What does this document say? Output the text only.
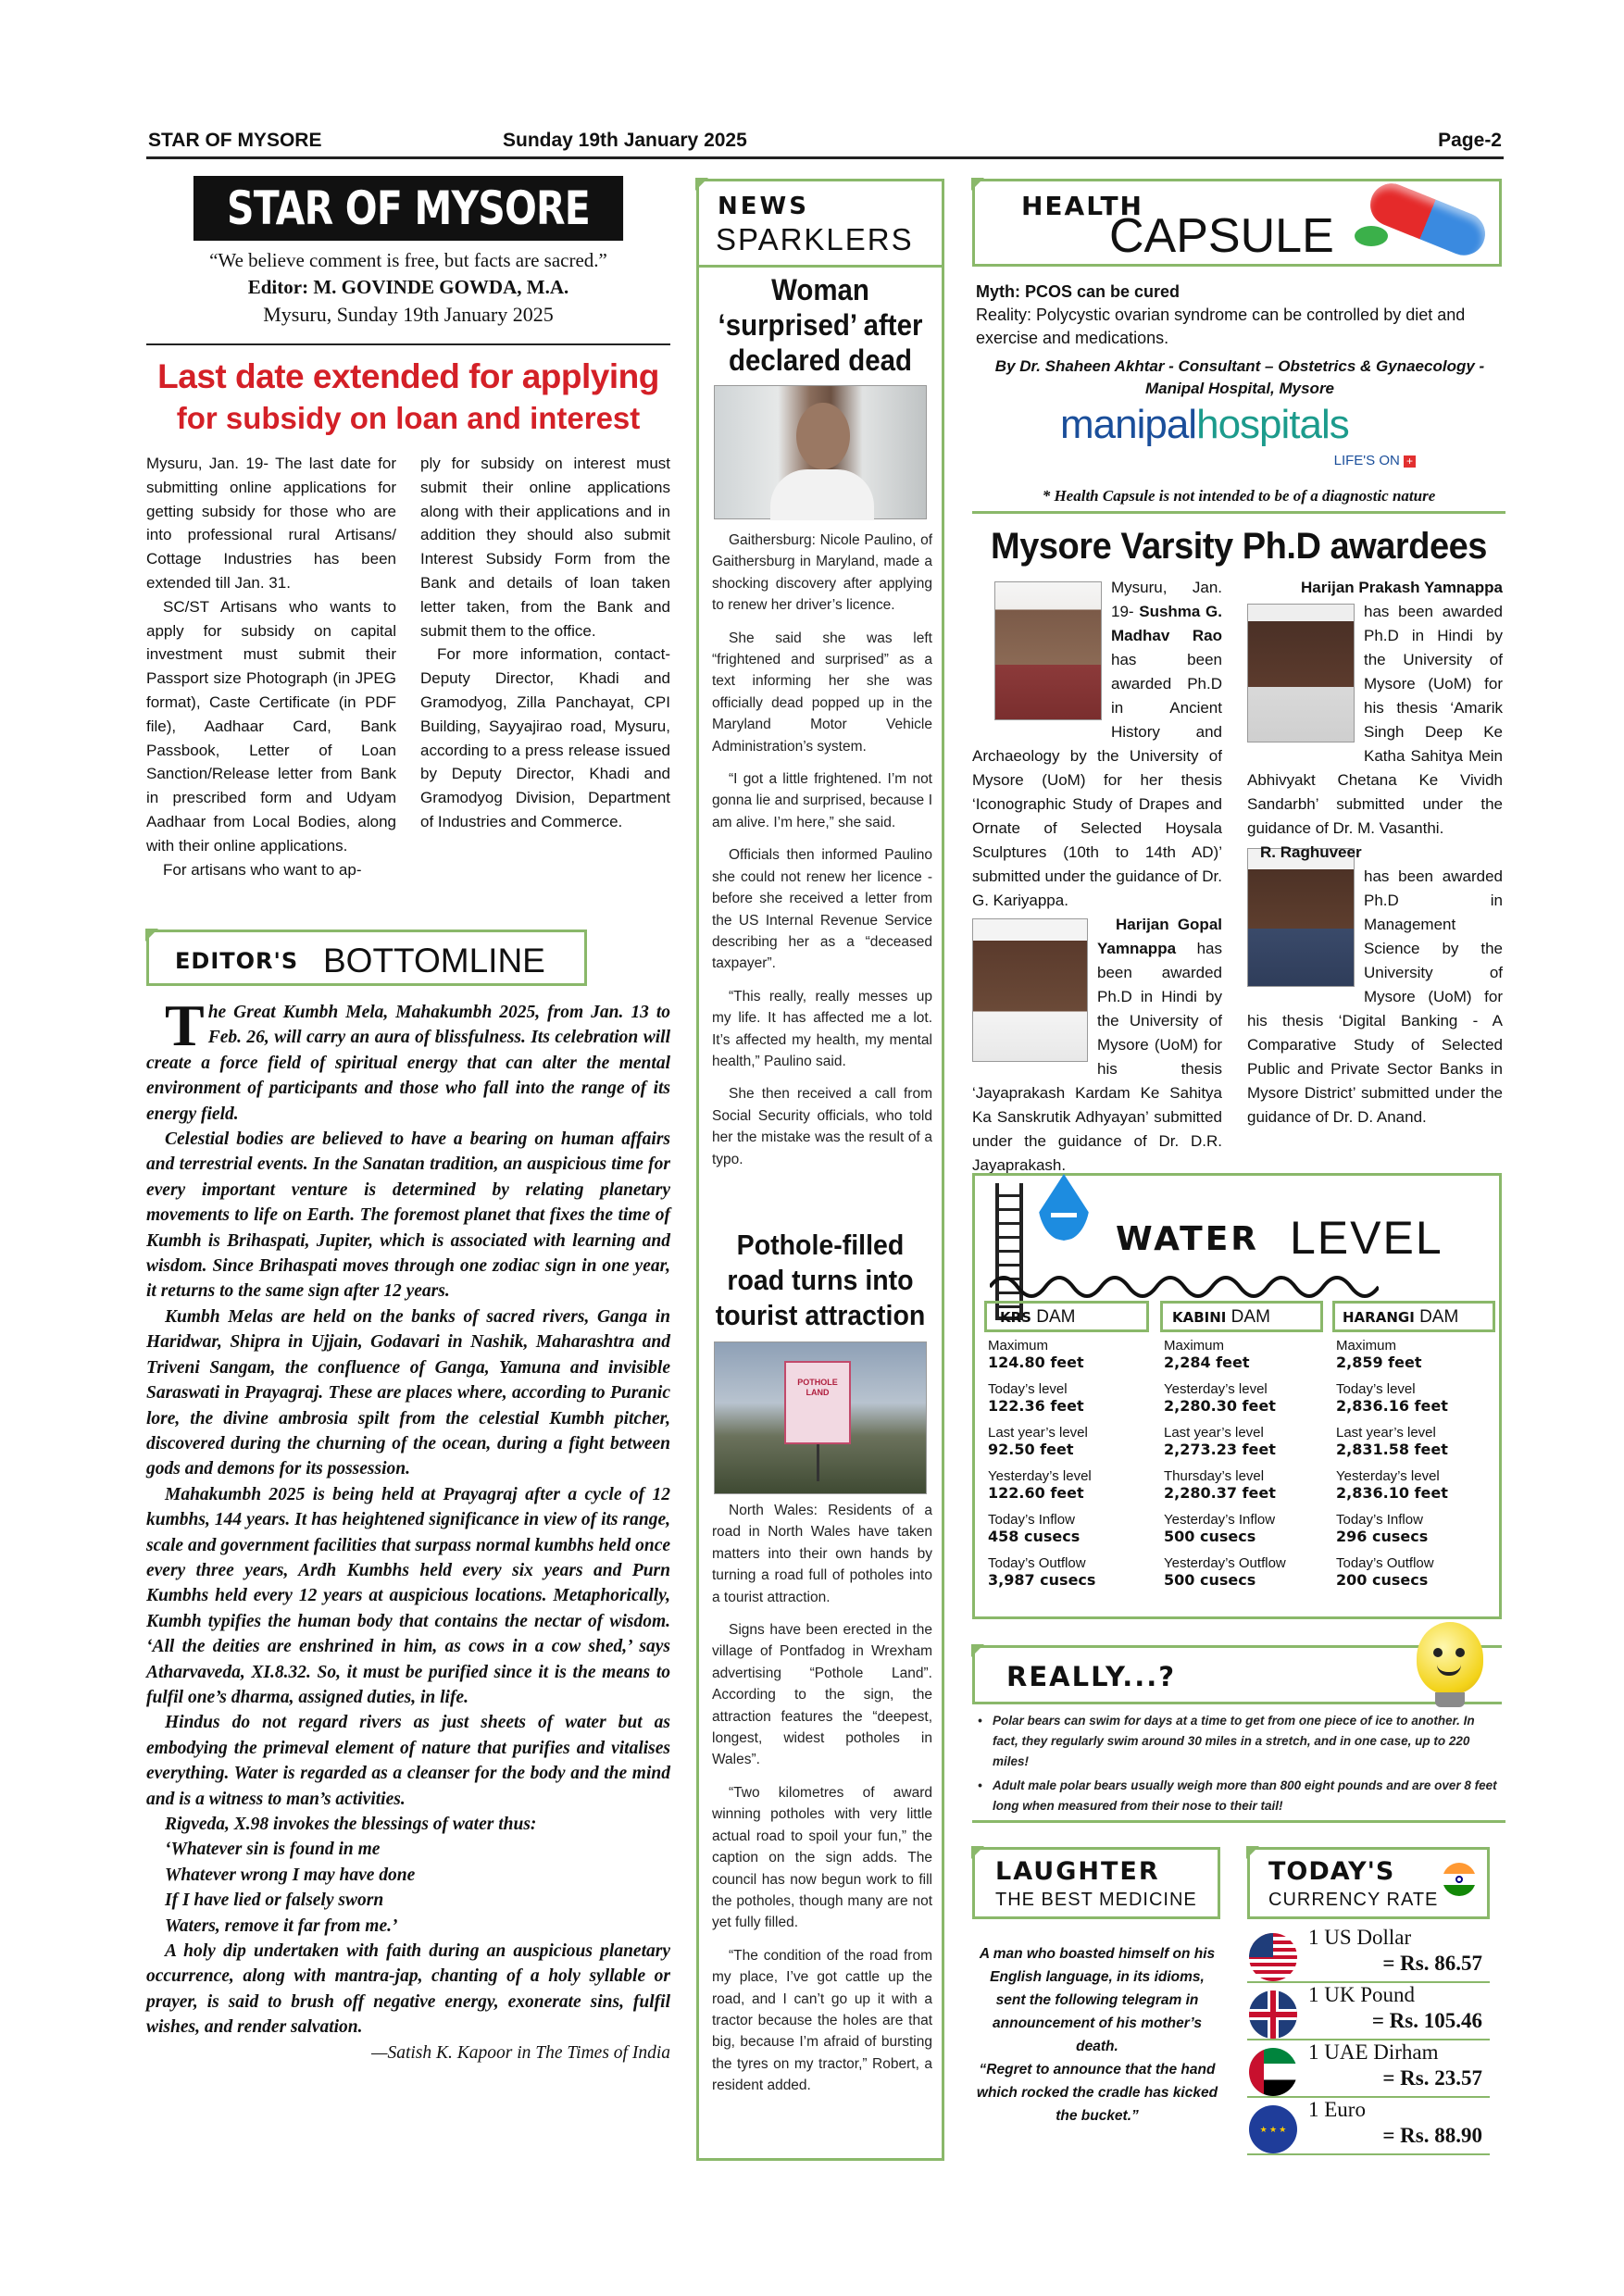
STAR OF MYSORE	Sunday 19th January 2025	Page-2
STAR OF MYSORE
“We believe comment is free, but facts are sacred.”
Editor: M. GOVINDE GOWDA, M.A.
Mysuru, Sunday 19th January 2025
Last date extended for applying
for subsidy on loan and interest

Mysuru, Jan. 19- The last date for submitting online applications for getting subsidy for those who are into professional rural Artisans/ Cottage Industries has been extended till Jan. 31.

SC/ST Artisans who wants to apply for subsidy on capital investment must submit their Passport size Photograph (in JPEG format), Caste Certificate (in PDF file), Aadhaar Card, Bank Passbook, Letter of Loan Sanction/Release letter from Bank in prescribed form and Udyam Aadhaar from Local Bodies, along with their online applications.

For artisans who want to ap-

ply for subsidy on interest must submit their online applications along with their applications and in addition they should also submit Interest Subsidy Form from the Bank and details of loan taken letter taken, from the Bank and submit them to the office.

For more information, contact-Deputy Director, Khadi and Gramodyog, Zilla Panchayat, CPI Building, Sayyajirao road, Mysuru, according to a press release issued by Deputy Director, Khadi and Gramodyog Division, Department of Industries and Commerce.

EDITOR'S BOTTOMLINE

The Great Kumbh Mela, Mahakumbh 2025, from Jan. 13 to Feb. 26, will carry an aura of blissfulness. Its celebration will create a force field of spiritual energy that can alter the mental environment of participants and those who fall into the range of its energy field.

Celestial bodies are believed to have a bearing on human affairs and terrestrial events. In the Sanatan tradition, an auspicious time for every important venture is determined by relating planetary movements to life on Earth. The foremost planet that fixes the time of Kumbh is Brihaspati, Jupiter, which is associated with learning and wisdom. Since Brihaspati moves through one zodiac sign in one year, it returns to the same sign after 12 years.

Kumbh Melas are held on the banks of sacred rivers, Ganga in Haridwar, Shipra in Ujjain, Godavari in Nashik, Maharashtra and Triveni Sangam, the confluence of Ganga, Yamuna and invisible Saraswati in Prayagraj. These are places where, according to Puranic lore, the divine ambrosia spilt from the celestial Kumbh pitcher, discovered during the churning of the ocean, during a fight between gods and demons for its possession.

Mahakumbh 2025 is being held at Prayagraj after a cycle of 12 kumbhs, 144 years. It has heightened significance in view of its range, scale and government facilities that surpass normal kumbhs held once every three years, Ardh Kumbhs held every six years and Purn Kumbhs held every 12 years at auspicious locations. Metaphorically, Kumbh typifies the human body that contains the nectar of wisdom. ‘All the deities are enshrined in him, as cows in a cow shed,’ says Atharvaveda, XI.8.32. So, it must be purified since it is the means to fulfil one’s dharma, assigned duties, in life.

Hindus do not regard rivers as just sheets of water but as embodying the primeval element of nature that purifies and vitalises everything. Water is regarded as a cleanser for the body and the mind and is a witness to man’s activities.

Rigveda, X.98 invokes the blessings of water thus:

‘Whatever sin is found in me

Whatever wrong I may have done

If I have lied or falsely sworn

Waters, remove it far from me.’

A holy dip undertaken with faith during an auspicious planetary occurrence, along with mantra-jap, chanting of a holy syllable or prayer, is said to brush off negative energy, exonerate sins, fulfil wishes, and render salvation.

—Satish K. Kapoor in The Times of India

NEWS
SPARKLERS
Woman ‘surprised’ after declared dead

Gaithersburg: Nicole Paulino, of Gaithersburg in Maryland, made a shocking discovery after applying to renew her driver’s licence.

She said she was left “frightened and surprised” as a text informing her she was officially dead popped up in the Maryland Motor Vehicle Administration’s system.

“I got a little frightened. I’m not gonna lie and surprised, because I am alive. I’m here,” she said.

Officials then informed Paulino she could not renew her licence - before she received a letter from the US Internal Revenue Service describing her as a “deceased taxpayer”.

“This really, really messes up my life. It has affected me a lot. It’s affected my health, my mental health,” Paulino said.

She then received a call from Social Security officials, who told her the mistake was the result of a typo.

Pothole-filled road turns into tourist attraction
POTHOLE LAND

North Wales: Residents of a road in North Wales have taken matters into their own hands by turning a road full of potholes into a tourist attraction.

Signs have been erected in the village of Pontfadog in Wrexham advertising “Pothole Land”. According to the sign, the attraction features the “deepest, longest, widest potholes in Wales”.

“Two kilometres of award winning potholes with very little actual road to spoil your fun,” the caption on the sign adds. The council has now begun work to fill the potholes, though many are not yet fully filled.

“The condition of the road from my place, I’ve got cattle up the road, and I can’t go up it with a tractor because the holes are that big, because I’m afraid of bursting the tyres on my tractor,” Robert, a resident added.

HEALTH
CAPSULE
Myth: PCOS can be cured
Reality: Polycystic ovarian syndrome can be controlled by diet and exercise and medications.
By Dr. Shaheen Akhtar - Consultant – Obstetrics & Gynaecology - Manipal Hospital, Mysore
manipalhospitals
LIFE'S ON +
* Health Capsule is not intended to be of a diagnostic nature
Mysore Varsity Ph.D awardees

Mysuru, Jan. 19- Sushma G. Madhav Rao has been awarded Ph.D in Ancient History and Archaeology by the University of Mysore (UoM) for her thesis ‘Iconographic Study of Drapes and Ornate of Selected Hoysala Sculptures (10th to 14th AD)’ submitted under the guidance of Dr. G. Kariyappa.

Harijan Gopal Yamnappa has been awarded Ph.D in Hindi by the University of Mysore (UoM) for his thesis ‘Jayaprakash Kardam Ke Sahitya Ka Sanskrutik Adhyayan’ submitted under the guidance of Dr. D.R. Jayaprakash.

Harijan Prakash Yamnappa

has been awarded Ph.D in Hindi by the University of Mysore (UoM) for his thesis ‘Amarik Singh Deep Ke Katha Sahitya Mein Abhivyakt Chetana Ke Vividh Sandarbh’ submitted under the guidance of Dr. M. Vasanthi.

R. Raghuveer

has been awarded Ph.D in Management Science by the University of Mysore (UoM) for his thesis ‘Digital Banking - A Comparative Study of Selected Public and Private Sector Banks in Mysore District’ submitted under the guidance of Dr. D. Anand.

WATER LEVEL
KRS DAM
Maximum
124.80 feet
Today’s level
122.36 feet
Last year’s level
92.50 feet
Yesterday’s level
122.60 feet
Today’s Inflow
458 cusecs
Today’s Outflow
3,987 cusecs
KABINI DAM
Maximum
2,284 feet
Yesterday’s level
2,280.30 feet
Last year’s level
2,273.23 feet
Thursday’s level
2,280.37 feet
Yesterday’s Inflow
500 cusecs
Yesterday’s Outflow
500 cusecs
HARANGI DAM
Maximum
2,859 feet
Today’s level
2,836.16 feet
Last year’s level
2,831.58 feet
Yesterday’s level
2,836.10 feet
Today’s Inflow
296 cusecs
Today’s Outflow
200 cusecs
REALLY...?
• Polar bears can swim for days at a time to get from one piece of ice to another. In fact, they regularly swim around 30 miles in a stretch, and in one case, up to 220 miles!
• Adult male polar bears usually weigh more than 800 eight pounds and are over 8 feet long when measured from their nose to their tail!
LAUGHTER
THE BEST MEDICINE

A man who boasted himself on his English language, in its idioms, sent the following telegram in announcement of his mother’s death.

“Regret to announce that the hand which rocked the cradle has kicked the bucket.”

TODAY'S
CURRENCY RATE
1 US Dollar
= Rs. 86.57
1 UK Pound
= Rs. 105.46
1 UAE Dirham
= Rs. 23.57
★ ★ ★
1 Euro
= Rs. 88.90
